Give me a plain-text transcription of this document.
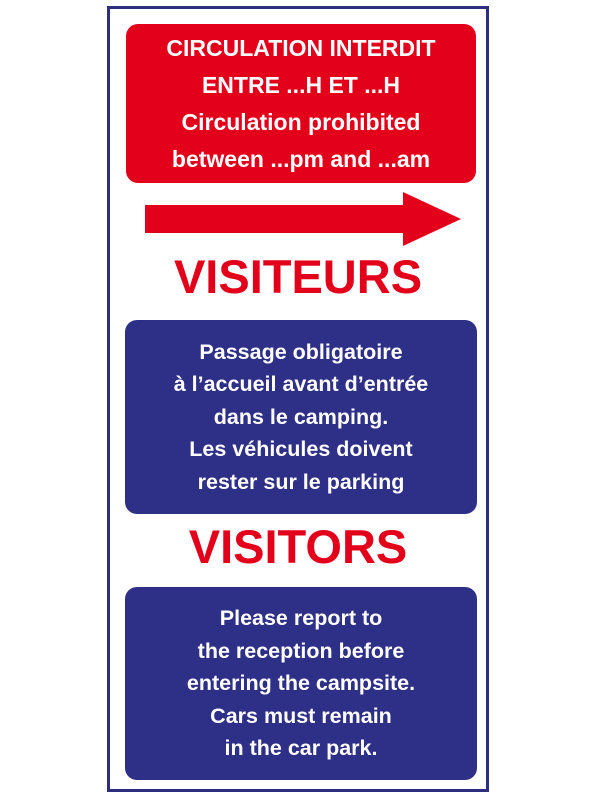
CIRCULATION INTERDIT
ENTRE ...H ET ...H
Circulation prohibited
between ...pm and ...am
VISITEURS
Passage obligatoire
à l’accueil avant d’entrée
dans le camping.
Les véhicules doivent
rester sur le parking
VISITORS
Please report to
the reception before
entering the campsite.
Cars must remain
in the car park.
